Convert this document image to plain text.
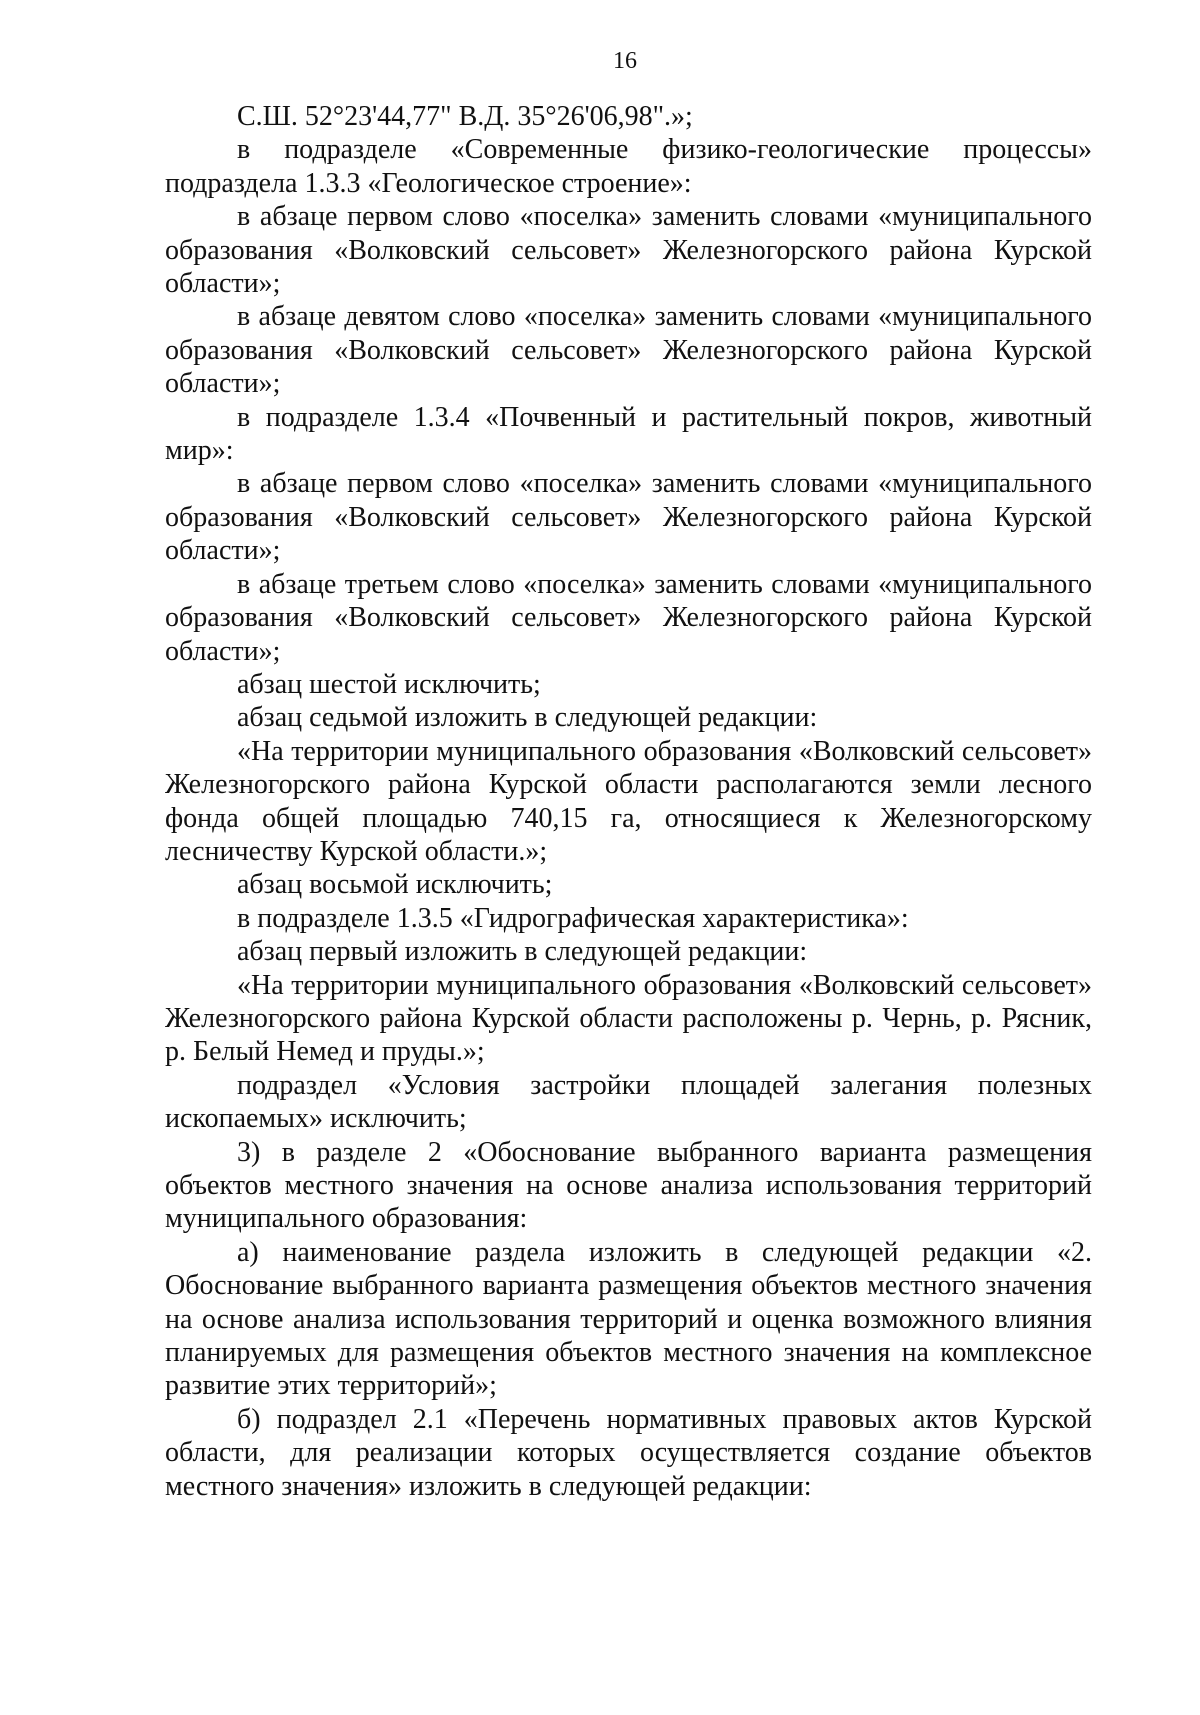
16

С.Ш. 52°23'44,77" В.Д. 35°26'06,98".»;

в подразделе «Современные физико-геологические процессы» подраздела 1.3.3 «Геологическое строение»:

в абзаце первом слово «поселка» заменить словами «муниципального образования «Волковский сельсовет» Железногорского района Курской области»;

в абзаце девятом слово «поселка» заменить словами «муниципального образования «Волковский сельсовет» Железногорского района Курской области»;

в подразделе 1.3.4 «Почвенный и растительный покров, животный мир»:

в абзаце первом слово «поселка» заменить словами «муниципального образования «Волковский сельсовет» Железногорского района Курской области»;

в абзаце третьем слово «поселка» заменить словами «муниципального образования «Волковский сельсовет» Железногорского района Курской области»;

абзац шестой исключить;

абзац седьмой изложить в следующей редакции:

«На территории муниципального образования «Волковский сельсовет» Железногорского района Курской области располагаются земли лесного фонда общей площадью 740,15 га, относящиеся к Железногорскому лесничеству Курской области.»;

абзац восьмой исключить;

в подразделе 1.3.5 «Гидрографическая характеристика»:

абзац первый изложить в следующей редакции:

«На территории муниципального образования «Волковский сельсовет» Железногорского района Курской области расположены р. Чернь, р. Рясник, р. Белый Немед и пруды.»;

подраздел «Условия застройки площадей залегания полезных ископаемых» исключить;

3) в разделе 2 «Обоснование выбранного варианта размещения объектов местного значения на основе анализа использования территорий муниципального образования:

а) наименование раздела изложить в следующей редакции «2. Обоснование выбранного варианта размещения объектов местного значения на основе анализа использования территорий и оценка возможного влияния планируемых для размещения объектов местного значения на комплексное развитие этих территорий»;

б) подраздел 2.1 «Перечень нормативных правовых актов Курской области, для реализации которых осуществляется создание объектов местного значения» изложить в следующей редакции:
